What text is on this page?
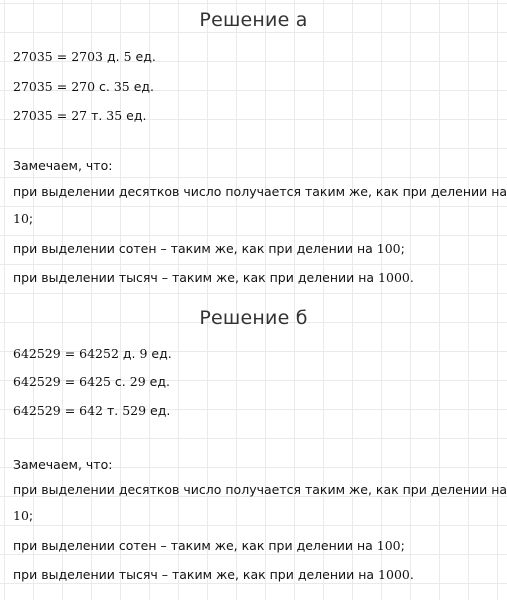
Решение а
27035 = 2703 д. 5 ед.
27035 = 270 с. 35 ед.
27035 = 27 т. 35 ед.
Замечаем, что:
при выделении десятков число получается таким же, как при делении на
10;
при выделении сотен – таким же, как при делении на 100;
при выделении тысяч – таким же, как при делении на 1000.
Решение б
642529 = 64252 д. 9 ед.
642529 = 6425 с. 29 ед.
642529 = 642 т. 529 ед.
Замечаем, что:
при выделении десятков число получается таким же, как при делении на
10;
при выделении сотен – таким же, как при делении на 100;
при выделении тысяч – таким же, как при делении на 1000.
